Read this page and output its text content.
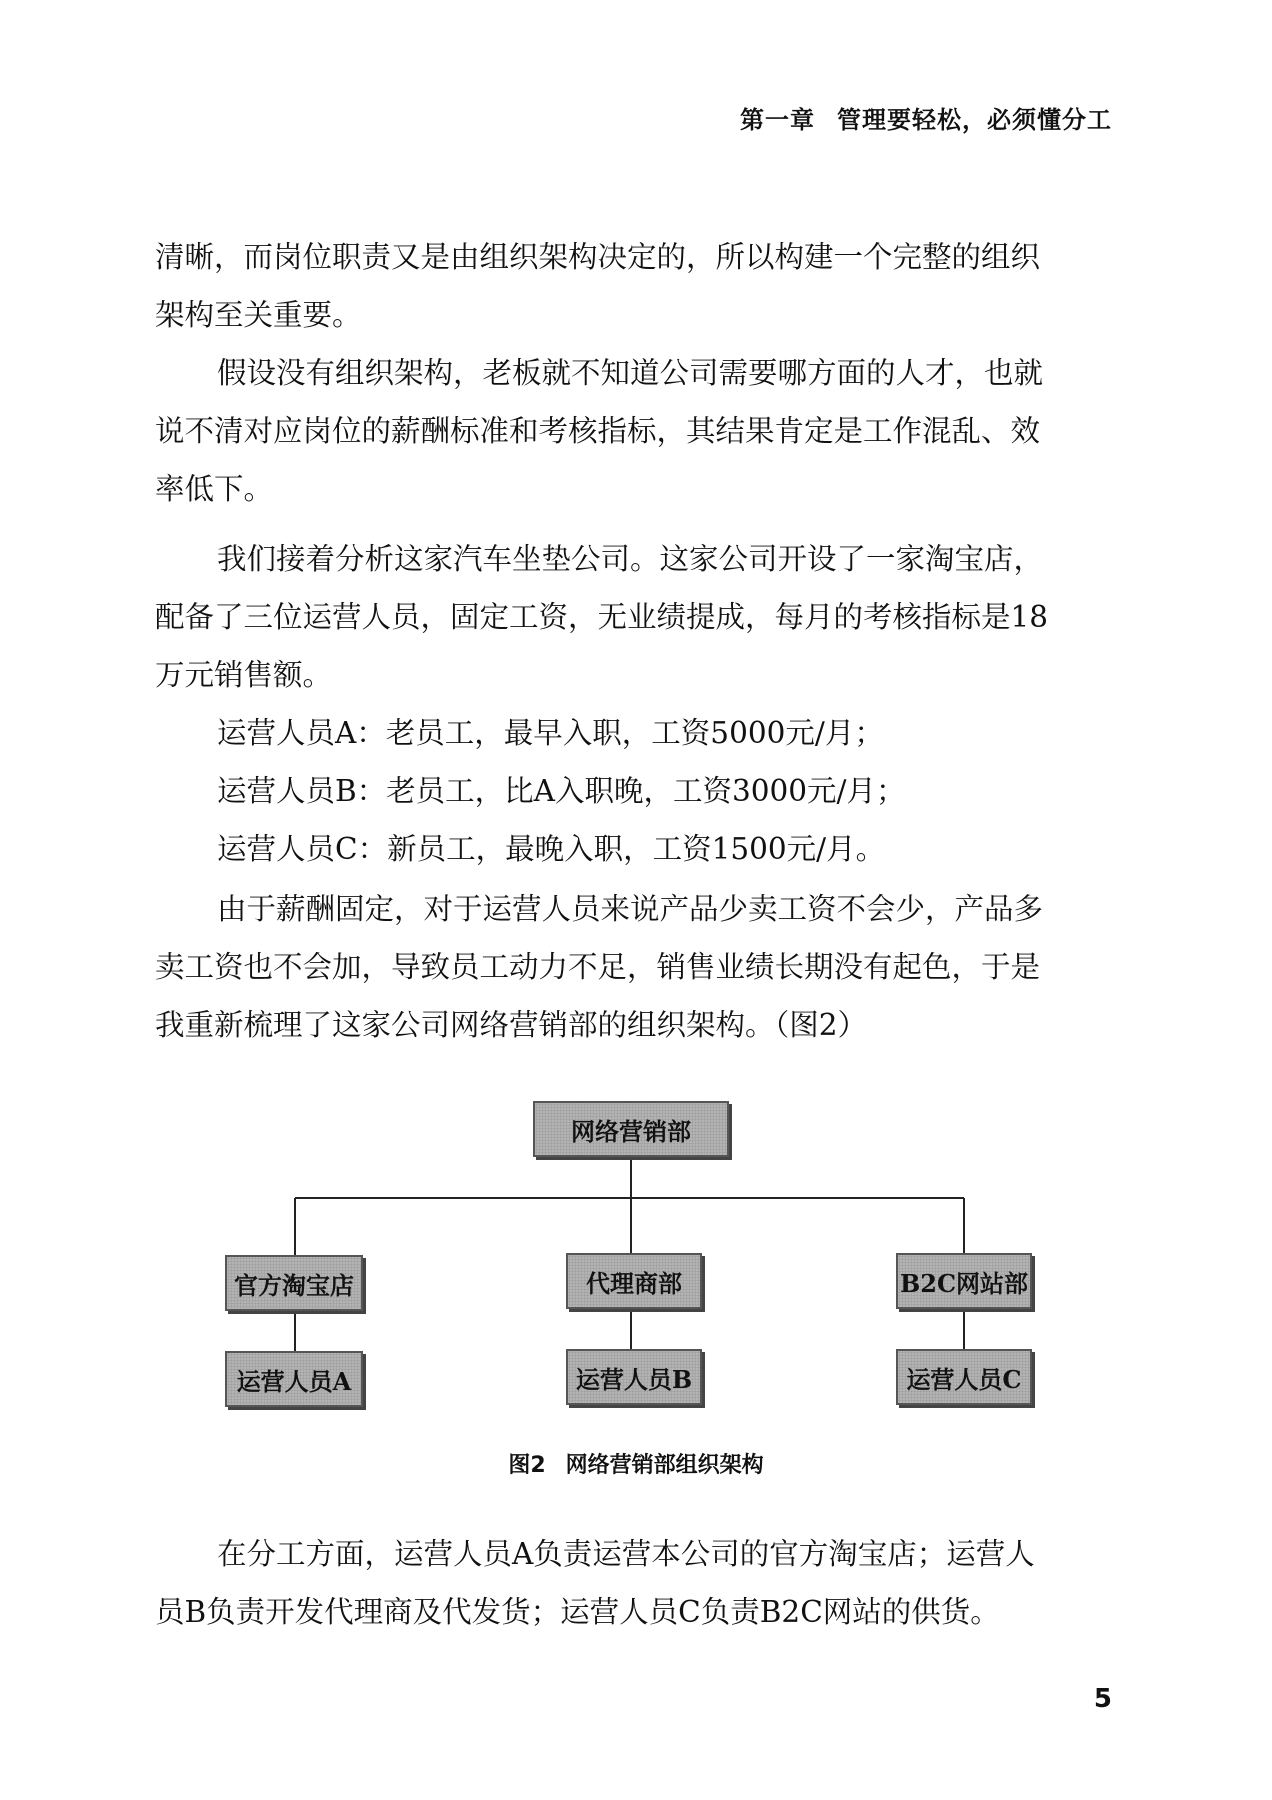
第一章 管理要轻松，必须懂分工
清晰，而岗位职责又是由组织架构决定的，所以构建一个完整的组织
架构至关重要。
假设没有组织架构，老板就不知道公司需要哪方面的人才，也就
说不清对应岗位的薪酬标准和考核指标，其结果肯定是工作混乱、效
率低下。
我们接着分析这家汽车坐垫公司。这家公司开设了一家淘宝店，
配备了三位运营人员，固定工资，无业绩提成，每月的考核指标是18
万元销售额。
运营人员A：老员工，最早入职，工资5000元/月；
运营人员B：老员工，比A入职晚，工资3000元/月；
运营人员C：新员工，最晚入职，工资1500元/月。
由于薪酬固定，对于运营人员来说产品少卖工资不会少，产品多
卖工资也不会加，导致员工动力不足，销售业绩长期没有起色，于是
我重新梳理了这家公司网络营销部的组织架构。（图2）
网络营销部
官方淘宝店	代理商部	B2C网站部
运营人员A	运营人员B	运营人员C
图2 网络营销部组织架构
在分工方面，运营人员A负责运营本公司的官方淘宝店；运营人
员B负责开发代理商及代发货；运营人员C负责B2C网站的供货。
5
